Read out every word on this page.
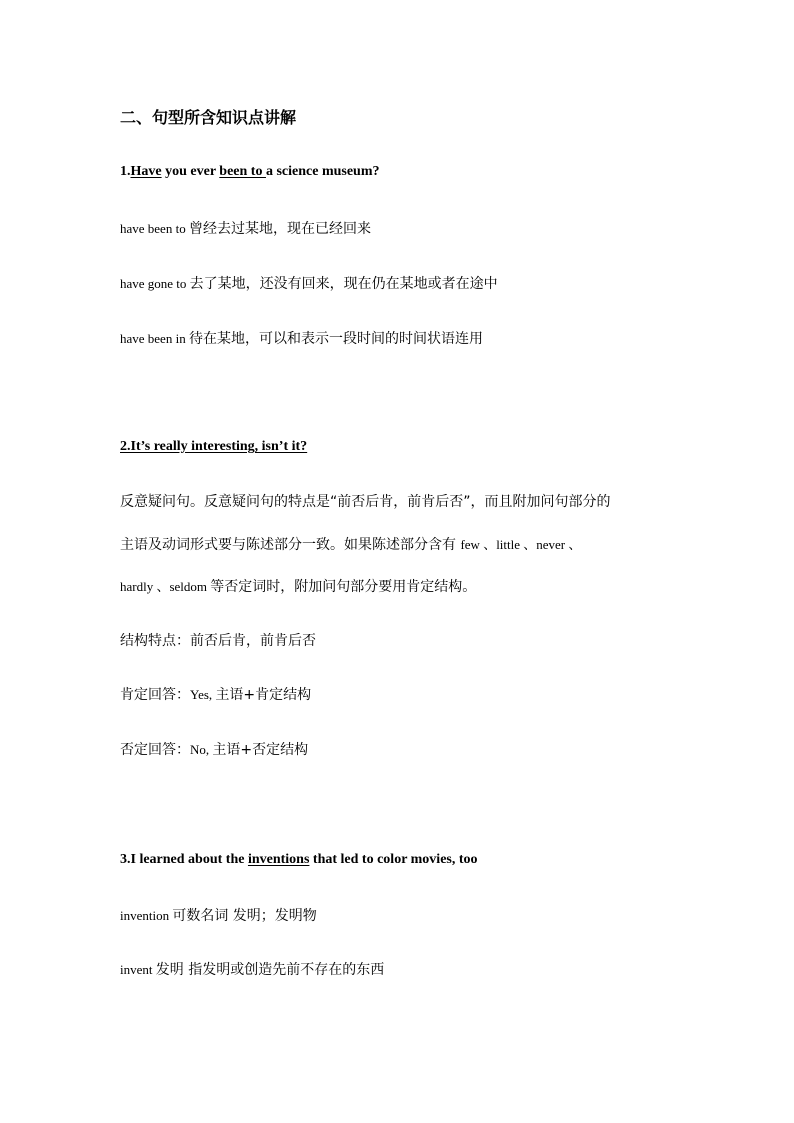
二、句型所含知识点讲解
1.Have you ever been to a science museum?
have been to 曾经去过某地，现在已经回来
have gone to 去了某地，还没有回来，现在仍在某地或者在途中
have been in 待在某地，可以和表示一段时间的时间状语连用
2.It’s really interesting, isn’t it?
反意疑问句。反意疑问句的特点是“前否后肯，前肯后否”，而且附加问句部分的
主语及动词形式要与陈述部分一致。如果陈述部分含有 few 、little 、never 、
hardly 、seldom 等否定词时，附加问句部分要用肯定结构。
结构特点：前否后肯，前肯后否
肯定回答：Yes, 主语+肯定结构
否定回答：No, 主语+否定结构
3.I learned about the inventions that led to color movies, too
invention 可数名词 发明；发明物
invent 发明 指发明或创造先前不存在的东西
